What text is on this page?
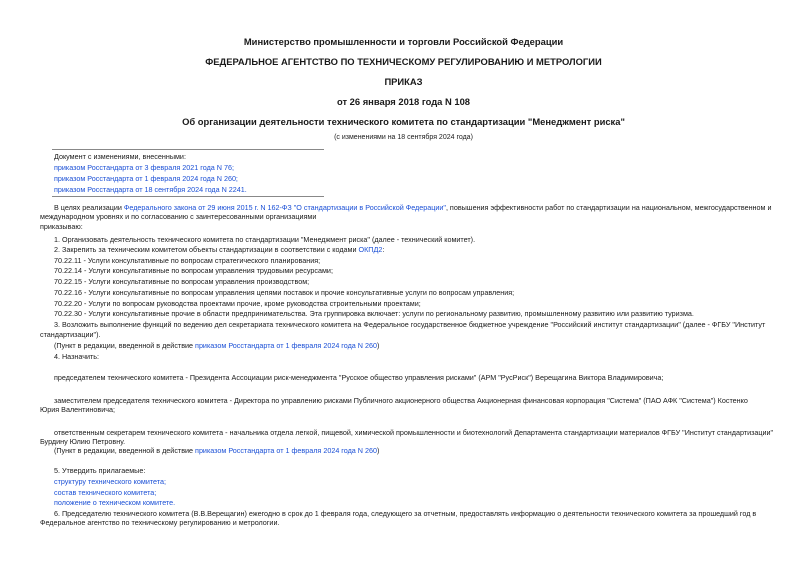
Министерство промышленности и торговли Российской Федерации
ФЕДЕРАЛЬНОЕ АГЕНТСТВО ПО ТЕХНИЧЕСКОМУ РЕГУЛИРОВАНИЮ И МЕТРОЛОГИИ
ПРИКАЗ
от 26 января 2018 года N 108
Об организации деятельности технического комитета по стандартизации "Менеджмент риска"
(с изменениями на 18 сентября 2024 года)
Документ с изменениями, внесенными:
приказом Росстандарта от 3 февраля 2021 года N 76;
приказом Росстандарта от 1 февраля 2024 года N 260;
приказом Росстандарта от 18 сентября 2024 года N 2241.
В целях реализации Федерального закона от 29 июня 2015 г. N 162-ФЗ "О стандартизации в Российской Федерации", повышения эффективности работ по стандартизации на национальном, межгосударственном и
международном уровнях и по согласованию с заинтересованными организациями
приказываю:
1. Организовать деятельность технического комитета по стандартизации "Менеджмент риска" (далее - технический комитет).
2. Закрепить за техническим комитетом объекты стандартизации в соответствии с кодами ОКПД2:
70.22.11 - Услуги консультативные по вопросам стратегического планирования;
70.22.14 - Услуги консультативные по вопросам управления трудовыми ресурсами;
70.22.15 - Услуги консультативные по вопросам управления производством;
70.22.16 - Услуги консультативные по вопросам управления цепями поставок и прочие консультативные услуги по вопросам управления;
70.22.20 - Услуги по вопросам руководства проектами прочие, кроме руководства строительными проектами;
70.22.30 - Услуги консультативные прочие в области предпринимательства. Эта группировка включает: услуги по региональному развитию, промышленному развитию или развитию туризма.
3. Возложить выполнение функций по ведению дел секретариата технического комитета на Федеральное государственное бюджетное учреждение "Российский институт стандартизации" (далее - ФГБУ "Институт
стандартизации").
(Пункт в редакции, введенной в действие приказом Росстандарта от 1 февраля 2024 года N 260)
4. Назначить:
председателем технического комитета - Президента Ассоциации риск-менеджмента "Русское общество управления рисками" (АРМ "РусРиск") Верещагина Виктора Владимировича;
заместителем председателя технического комитета - Директора по управлению рисками Публичного акционерного общества Акционерная финансовая корпорация "Система" (ПАО АФК "Система") Костенко
Юрия Валентиновича;
ответственным секретарем технического комитета - начальника отдела легкой, пищевой, химической промышленности и биотехнологий Департамента стандартизации материалов ФГБУ "Институт стандартизации"
Бурдину Юлию Петровну.
(Пункт в редакции, введенной в действие приказом Росстандарта от 1 февраля 2024 года N 260)
5. Утвердить прилагаемые:
структуру технического комитета;
состав технического комитета;
положение о техническом комитете.
6. Председателю технического комитета (В.В.Верещагин) ежегодно в срок до 1 февраля года, следующего за отчетным, предоставлять информацию о деятельности технического комитета за прошедший год в
Федеральное агентство по техническому регулированию и метрологии.
